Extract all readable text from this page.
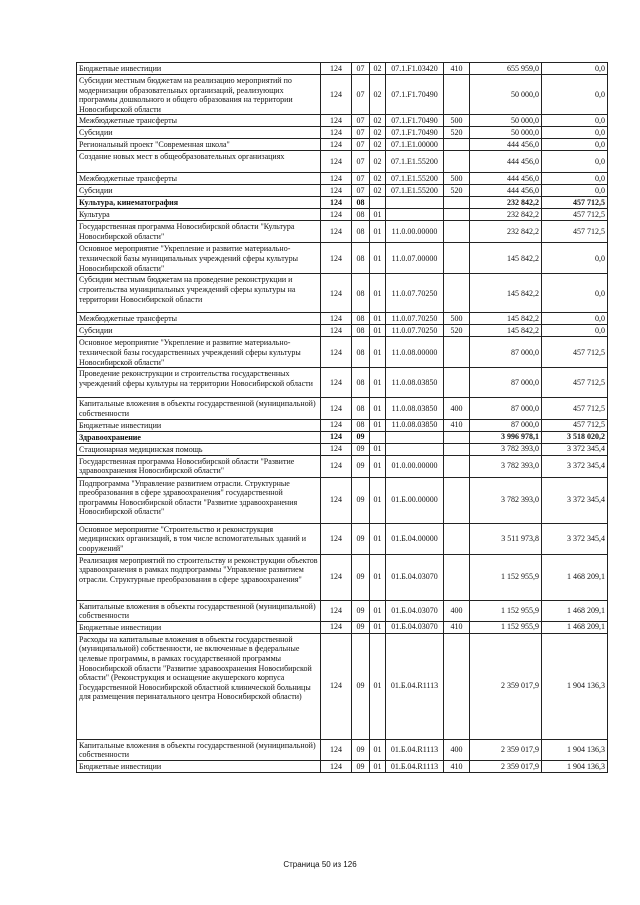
Бюджетные инвестиции	124	07	02	07.1.F1.03420	410	655 959,0	0,0
Субсидии местным бюджетам на реализацию мероприятий по модернизации образовательных организаций, реализующих программы дошкольного и общего образования на территории Новосибирской области	124	07	02	07.1.F1.70490		50 000,0	0,0
Межбюджетные трансферты	124	07	02	07.1.F1.70490	500	50 000,0	0,0
Субсидии	124	07	02	07.1.F1.70490	520	50 000,0	0,0
Региональный проект "Современная школа"	124	07	02	07.1.E1.00000		444 456,0	0,0
Создание новых мест в общеобразовательных организациях	124	07	02	07.1.E1.55200		444 456,0	0,0
Межбюджетные трансферты	124	07	02	07.1.E1.55200	500	444 456,0	0,0
Субсидии	124	07	02	07.1.E1.55200	520	444 456,0	0,0
Культура, кинематография	124	08				232 842,2	457 712,5
Культура	124	08	01			232 842,2	457 712,5
Государственная программа Новосибирской области "Культура Новосибирской области"	124	08	01	11.0.00.00000		232 842,2	457 712,5
Основное мероприятие "Укрепление и развитие материально-технической базы муниципальных учреждений сферы культуры Новосибирской области"	124	08	01	11.0.07.00000		145 842,2	0,0
Субсидии местным бюджетам на проведение реконструкции и строительства муниципальных учреждений сферы культуры на территории Новосибирской области	124	08	01	11.0.07.70250		145 842,2	0,0
Межбюджетные трансферты	124	08	01	11.0.07.70250	500	145 842,2	0,0
Субсидии	124	08	01	11.0.07.70250	520	145 842,2	0,0
Основное мероприятие "Укрепление и развитие материально-технической базы государственных учреждений сферы культуры Новосибирской области"	124	08	01	11.0.08.00000		87 000,0	457 712,5
Проведение реконструкции и строительства государственных учреждений сферы культуры на территории Новосибирской области	124	08	01	11.0.08.03850		87 000,0	457 712,5
Капитальные вложения в объекты государственной (муниципальной) собственности	124	08	01	11.0.08.03850	400	87 000,0	457 712,5
Бюджетные инвестиции	124	08	01	11.0.08.03850	410	87 000,0	457 712,5
Здравоохранение	124	09				3 996 978,1	3 518 020,2
Стационарная медицинская помощь	124	09	01			3 782 393,0	3 372 345,4
Государственная программа Новосибирской области "Развитие здравоохранения Новосибирской области"	124	09	01	01.0.00.00000		3 782 393,0	3 372 345,4
Подпрограмма "Управление развитием отрасли. Структурные преобразования в сфере здравоохранения" государственной программы Новосибирской области "Развитие здравоохранения Новосибирской области"	124	09	01	01.Б.00.00000		3 782 393,0	3 372 345,4
Основное мероприятие "Строительство и реконструкция медицинских организаций, в том числе вспомогательных зданий и сооружений"	124	09	01	01.Б.04.00000		3 511 973,8	3 372 345,4
Реализация мероприятий по строительству и реконструкции объектов здравоохранения в рамках подпрограммы "Управление развитием отрасли. Структурные преобразования в сфере здравоохранения"	124	09	01	01.Б.04.03070		1 152 955,9	1 468 209,1
Капитальные вложения в объекты государственной (муниципальной) собственности	124	09	01	01.Б.04.03070	400	1 152 955,9	1 468 209,1
Бюджетные инвестиции	124	09	01	01.Б.04.03070	410	1 152 955,9	1 468 209,1
Расходы на капитальные вложения в объекты государственной (муниципальной) собственности, не включенные в федеральные целевые программы, в рамках государственной программы Новосибирской области "Развитие здравоохранения Новосибирской области" (Реконструкция и оснащение акушерского корпуса Государственной Новосибирской областной клинической больницы для размещения перинатального центра Новосибирской области)	124	09	01	01.Б.04.R1113		2 359 017,9	1 904 136,3
Капитальные вложения в объекты государственной (муниципальной) собственности	124	09	01	01.Б.04.R1113	400	2 359 017,9	1 904 136,3
Бюджетные инвестиции	124	09	01	01.Б.04.R1113	410	2 359 017,9	1 904 136,3
Страница 50 из 126
